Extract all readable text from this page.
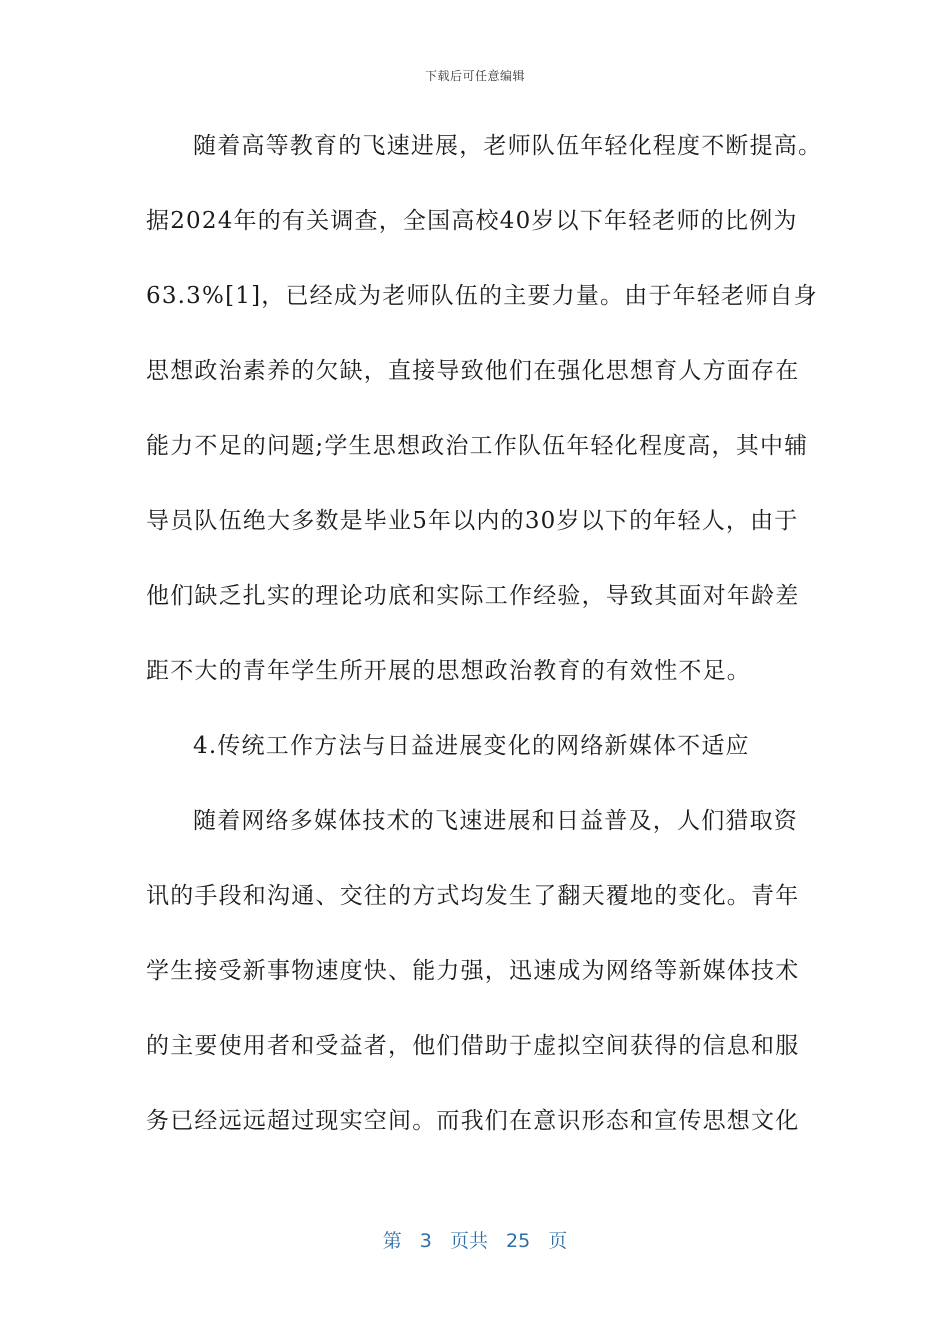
下载后可任意编辑
随着高等教育的飞速进展，老师队伍年轻化程度不断提高。
据2024年的有关调查，全国高校40岁以下年轻老师的比例为
63.3%[1]，已经成为老师队伍的主要力量。由于年轻老师自身
思想政治素养的欠缺，直接导致他们在强化思想育人方面存在
能力不足的问题;学生思想政治工作队伍年轻化程度高，其中辅
导员队伍绝大多数是毕业5年以内的30岁以下的年轻人，由于
他们缺乏扎实的理论功底和实际工作经验，导致其面对年龄差
距不大的青年学生所开展的思想政治教育的有效性不足。
4.传统工作方法与日益进展变化的网络新媒体不适应
随着网络多媒体技术的飞速进展和日益普及，人们猎取资
讯的手段和沟通、交往的方式均发生了翻天覆地的变化。青年
学生接受新事物速度快、能力强，迅速成为网络等新媒体技术
的主要使用者和受益者，他们借助于虚拟空间获得的信息和服
务已经远远超过现实空间。而我们在意识形态和宣传思想文化
第 3 页共 25 页
